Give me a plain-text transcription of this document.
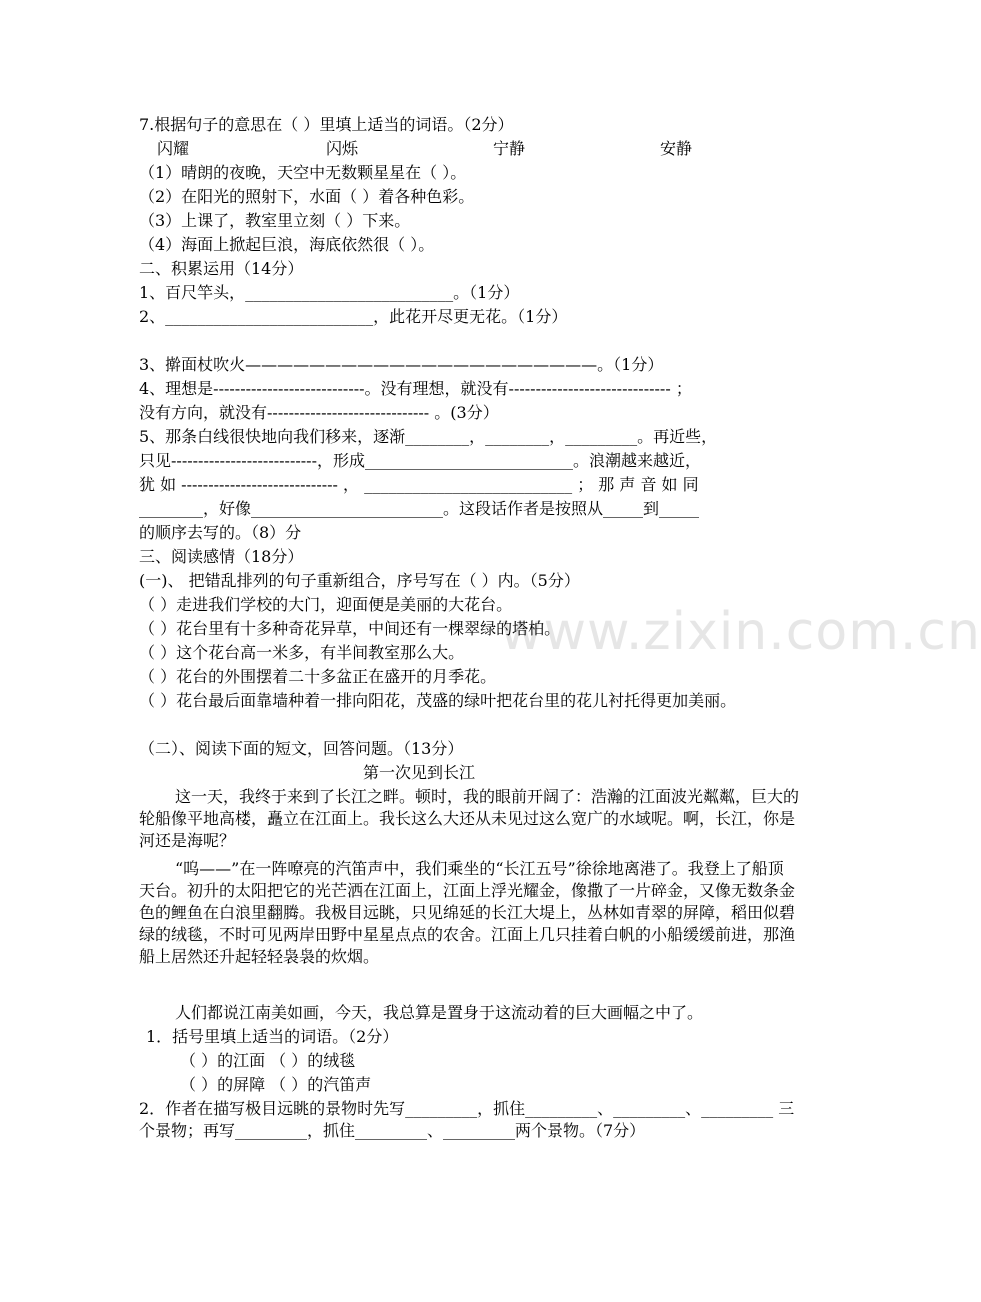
www.zixin.com.cn
7.根据句子的意思在（ ）里填上适当的词语。（2分）
闪耀	闪烁	宁静	安静
（1）晴朗的夜晚，天空中无数颗星星在（ ）。
（2）在阳光的照射下，水面（ ）着各种色彩。
（3）上课了，教室里立刻（ ）下来。
（4）海面上掀起巨浪，海底依然很（ ）。
二、积累运用（14分）
1、百尺竿头，__________________________。（1分）
2、__________________________，此花开尽更无花。（1分）
3、擀面杖吹火——————————————————————。（1分）
4、理想是----------------------------。没有理想，就没有------------------------------ ；
没有方向，就没有------------------------------ 。(3分）
5、那条白线很快地向我们移来，逐渐________，________，_________。再近些，
只见---------------------------，形成__________________________。浪潮越来越近，
犹 如 ----------------------------- ， __________________________ ； 那 声 音 如 同
________，好像________________________。这段话作者是按照从_____到_____
的顺序去写的。（8）分
三、阅读感情（18分）
(一)、 把错乱排列的句子重新组合，序号写在（ ）内。（5分）
（ ）走进我们学校的大门，迎面便是美丽的大花台。
（ ）花台里有十多种奇花异草，中间还有一棵翠绿的塔柏。
（ ）这个花台高一米多，有半间教室那么大。
（ ）花台的外围摆着二十多盆正在盛开的月季花。
（ ）花台最后面靠墙种着一排向阳花，茂盛的绿叶把花台里的花儿衬托得更加美丽。
（二）、阅读下面的短文，回答问题。（13分）
第一次见到长江
这一天，我终于来到了长江之畔。顿时，我的眼前开阔了：浩瀚的江面波光粼粼，巨大的轮船像平地高楼，矗立在江面上。我长这么大还从未见过这么宽广的水域呢。啊，长江，你是河还是海呢？
“呜——”在一阵嘹亮的汽笛声中，我们乘坐的“长江五号”徐徐地离港了。我登上了船顶天台。初升的太阳把它的光芒洒在江面上，江面上浮光耀金，像撒了一片碎金，又像无数条金色的鲤鱼在白浪里翻腾。我极目远眺，只见绵延的长江大堤上，丛林如青翠的屏障，稻田似碧绿的绒毯，不时可见两岸田野中星星点点的农舍。江面上几只挂着白帆的小船缓缓前进，那渔船上居然还升起轻轻袅袅的炊烟。
人们都说江南美如画，今天，我总算是置身于这流动着的巨大画幅之中了。
1．括号里填上适当的词语。（2分）
（ ）的江面 （ ）的绒毯
（ ）的屏障 （ ）的汽笛声
2．作者在描写极目远眺的景物时先写_________，抓住_________、_________、_________ 三个景物；再写_________，抓住_________、_________两个景物。（7分）
